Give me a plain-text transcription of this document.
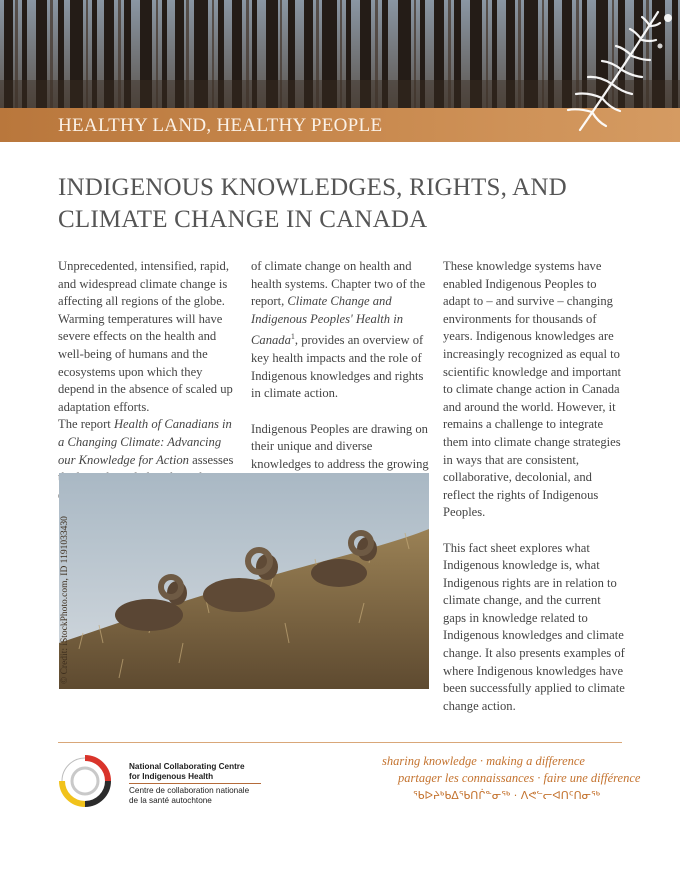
HEALTHY LAND, HEALTHY PEOPLE
INDIGENOUS KNOWLEDGES, RIGHTS, AND
CLIMATE CHANGE IN CANADA

Unprecedented, intensified, rapid, and widespread climate change is affecting all regions of the globe. Warming temperatures will have severe effects on the health and well-being of humans and the ecosystems upon which they depend in the absence of scaled up adaptation efforts.
The report Health of Canadians in a Changing Climate: Advancing our Knowledge for Action assesses

of climate change on health and health systems. Chapter two of the report, Climate Change and Indigenous Peoples' Health in Canada$^1$, provides an overview of key health impacts and the role of Indigenous knowledges and rights in climate action.

Indigenous Peoples are drawing on their unique and diverse knowledges to address the growing

These knowledge systems have enabled Indigenous Peoples to adapt to – and survive – changing environments for thousands of years. Indigenous knowledges are increasingly recognized as equal to scientific knowledge and important to climate change action in Canada and around the world. However, it remains a challenge to integrate them into climate change strategies in ways that are consistent, collaborative, decolonial, and reflect the rights of Indigenous Peoples.

This fact sheet explores what Indigenous knowledge is, what Indigenous rights are in relation to climate change, and the current gaps in knowledge related to Indigenous knowledges and climate change. It also presents examples of where Indigenous knowledges have been successfully applied to climate change action.

© Credit: iStockPhoto.com, ID 1191033430
National Collaborating Centre
for Indigenous Health
Centre de collaboration nationale
de la santé autochtone
sharing knowledge · making a difference
partager les connaissances · faire une différence
ᖃᐅᔨᒃᑲᐃᖃᑎᒌᓐᓂᖅ · ᐱᕙᓪᓕᐊᑎᑦᑎᓂᖅ
